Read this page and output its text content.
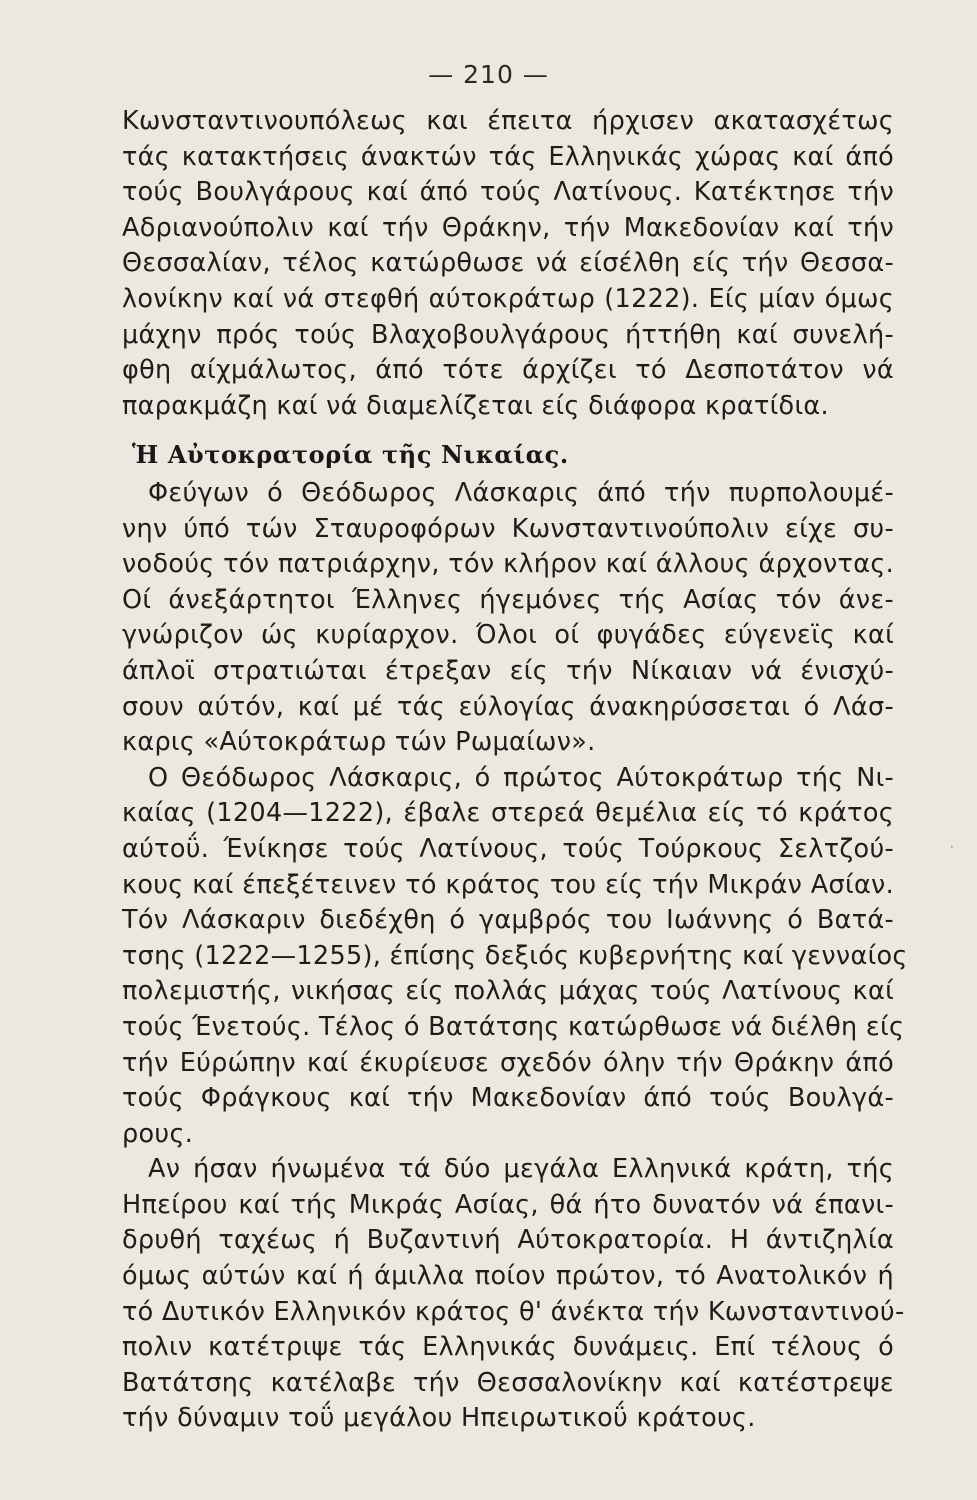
— 210 —
Κωνσταντινουπόλεως και έπειτα ήρχισεν ακατασχέτως
τάς κατακτήσεις άνακτών τάς Ελληνικάς χώρας καί άπό
τούς Βουλγάρους καί άπό τούς Λατίνους. Κατέκτησε τήν
Αδριανούπολιν καί τήν Θράκην, τήν Μακεδονίαν καί τήν
Θεσσαλίαν, τέλος κατώρθωσε νά είσέλθη είς τήν Θεσσα-
λονίκην καί νά στεφθή αύτοκράτωρ (1222). Είς μίαν όμως
μάχην πρός τούς Βλαχοβουλγάρους ήττήθη καί συνελή-
φθη αίχμάλωτος, άπό τότε άρχίζει τό Δεσποτάτον νά
παρακμάζη καί νά διαμελίζεται είς διάφορα κρατίδια.
Ἡ Αὐτοκρατορία τῆς Νικαίας.
Φεύγων ό Θεόδωρος Λάσκαρις άπό τήν πυρπολουμέ-
νην ύπό τών Σταυροφόρων Κωνσταντινούπολιν είχε συ-
νοδούς τόν πατριάρχην, τόν κλήρον καί άλλους άρχοντας.
Οί άνεξάρτητοι Έλληνες ήγεμόνες τής Ασίας τόν άνε-
γνώριζον ώς κυρίαρχον. Όλοι οί φυγάδες εύγενεϊς καί
άπλοϊ στρατιώται έτρεξαν είς τήν Νίκαιαν νά ένισχύ-
σουν αύτόν, καί μέ τάς εύλογίας άνακηρύσσεται ό Λάσ-
καρις «Αύτοκράτωρ τών Ρωμαίων».
Ο Θεόδωρος Λάσκαρις, ό πρώτος Αύτοκράτωρ τής Νι-
καίας (1204—1222), έβαλε στερεά θεμέλια είς τό κράτος
αύτοΰ. Ένίκησε τούς Λατίνους, τούς Τούρκους Σελτζού-
κους καί έπεξέτεινεν τό κράτος του είς τήν Μικράν Ασίαν.
Τόν Λάσκαριν διεδέχθη ό γαμβρός του Ιωάννης ό Βατά-
τσης (1222—1255), έπίσης δεξιός κυβερνήτης καί γενναίος
πολεμιστής, νικήσας είς πολλάς μάχας τούς Λατίνους καί
τούς Ένετούς. Τέλος ό Βατάτσης κατώρθωσε νά διέλθη είς
τήν Εύρώπην καί έκυρίευσε σχεδόν όλην τήν Θράκην άπό
τούς Φράγκους καί τήν Μακεδονίαν άπό τούς Βουλγά-
ρους.
Αν ήσαν ήνωμένα τά δύο μεγάλα Ελληνικά κράτη, τής
Ηπείρου καί τής Μικράς Ασίας, θά ήτο δυνατόν νά έπανι-
δρυθή ταχέως ή Βυζαντινή Αύτοκρατορία. Η άντιζηλία
όμως αύτών καί ή άμιλλα ποίον πρώτον, τό Ανατολικόν ή
τό Δυτικόν Ελληνικόν κράτος θ' άνέκτα τήν Κωνσταντινού-
πολιν κατέτριψε τάς Ελληνικάς δυνάμεις. Επί τέλους ό
Βατάτσης κατέλαβε τήν Θεσσαλονίκην καί κατέστρεψε
τήν δύναμιν τοΰ μεγάλου Ηπειρωτικοΰ κράτους.
·
